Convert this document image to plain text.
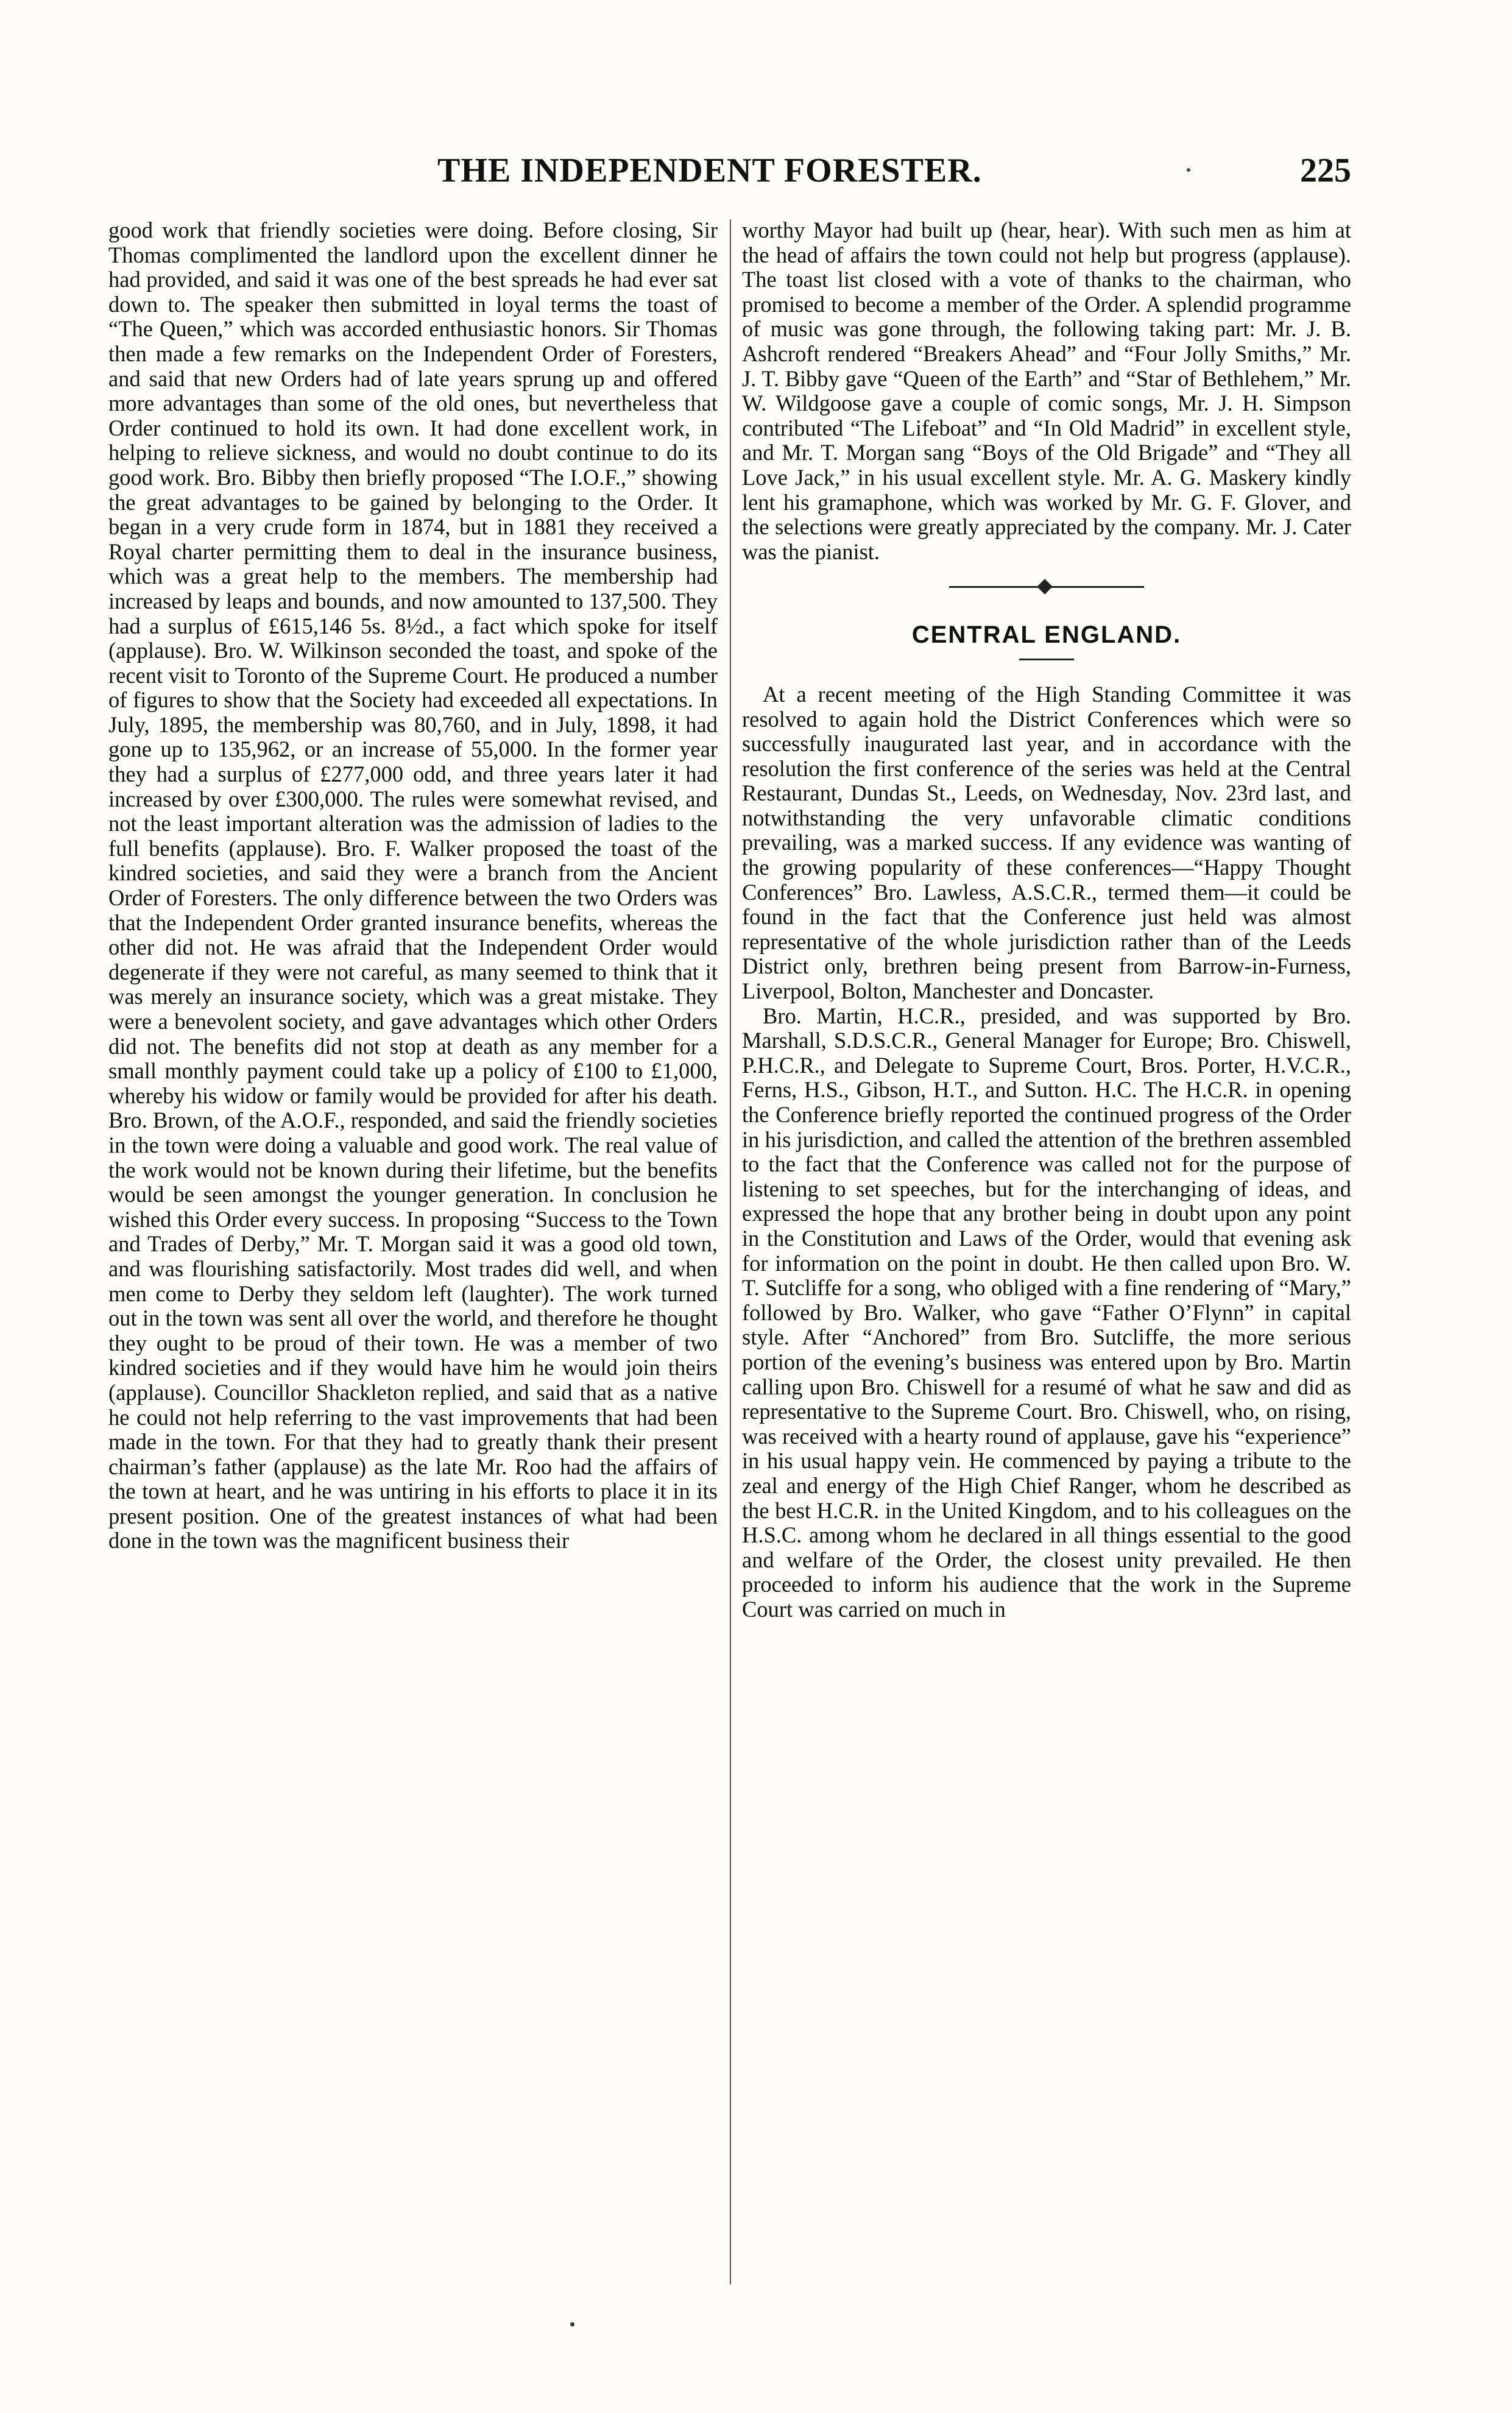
THE INDEPENDENT FORESTER.	225

good work that friendly societies were doing. Before closing, Sir Thomas complimented the landlord upon the excellent dinner he had provided, and said it was one of the best spreads he had ever sat down to. The speaker then submitted in loyal terms the toast of “The Queen,” which was accorded enthusiastic honors. Sir Thomas then made a few remarks on the Independent Order of Foresters, and said that new Orders had of late years sprung up and offered more advantages than some of the old ones, but nevertheless that Order continued to hold its own. It had done excellent work, in helping to relieve sickness, and would no doubt continue to do its good work. Bro. Bibby then briefly proposed “The I.O.F.,” showing the great advantages to be gained by belonging to the Order. It began in a very crude form in 1874, but in 1881 they received a Royal charter permitting them to deal in the insurance business, which was a great help to the members. The membership had increased by leaps and bounds, and now amounted to 137,500. They had a surplus of £615,146 5s. 8½d., a fact which spoke for itself (applause). Bro. W. Wilkinson seconded the toast, and spoke of the recent visit to Toronto of the Supreme Court. He produced a number of figures to show that the Society had exceeded all expectations. In July, 1895, the membership was 80,760, and in July, 1898, it had gone up to 135,962, or an increase of 55,000. In the former year they had a surplus of £277,000 odd, and three years later it had increased by over £300,000. The rules were somewhat revised, and not the least important alteration was the admission of ladies to the full benefits (applause). Bro. F. Walker proposed the toast of the kindred societies, and said they were a branch from the Ancient Order of Foresters. The only difference between the two Orders was that the Independent Order granted insurance benefits, whereas the other did not. He was afraid that the Independent Order would degenerate if they were not careful, as many seemed to think that it was merely an insurance society, which was a great mistake. They were a benevolent society, and gave advantages which other Orders did not. The benefits did not stop at death as any member for a small monthly payment could take up a policy of £100 to £1,000, whereby his widow or family would be provided for after his death. Bro. Brown, of the A.O.F., responded, and said the friendly societies in the town were doing a valuable and good work. The real value of the work would not be known during their lifetime, but the benefits would be seen amongst the younger generation. In conclusion he wished this Order every success. In proposing “Success to the Town and Trades of Derby,” Mr. T. Morgan said it was a good old town, and was flourishing satisfactorily. Most trades did well, and when men come to Derby they seldom left (laughter). The work turned out in the town was sent all over the world, and therefore he thought they ought to be proud of their town. He was a member of two kindred societies and if they would have him he would join theirs (applause). Councillor Shackleton replied, and said that as a native he could not help referring to the vast improvements that had been made in the town. For that they had to greatly thank their present chairman’s father (applause) as the late Mr. Roo had the affairs of the town at heart, and he was untiring in his efforts to place it in its present position. One of the greatest instances of what had been done in the town was the magnificent business their

worthy Mayor had built up (hear, hear). With such men as him at the head of affairs the town could not help but progress (applause). The toast list closed with a vote of thanks to the chairman, who promised to become a member of the Order. A splendid programme of music was gone through, the following taking part: Mr. J. B. Ashcroft rendered “Breakers Ahead” and “Four Jolly Smiths,” Mr. J. T. Bibby gave “Queen of the Earth” and “Star of Bethlehem,” Mr. W. Wildgoose gave a couple of comic songs, Mr. J. H. Simpson contributed “The Lifeboat” and “In Old Madrid” in excellent style, and Mr. T. Morgan sang “Boys of the Old Brigade” and “They all Love Jack,” in his usual excellent style. Mr. A. G. Maskery kindly lent his gramaphone, which was worked by Mr. G. F. Glover, and the selections were greatly appreciated by the company. Mr. J. Cater was the pianist.

CENTRAL ENGLAND.

At a recent meeting of the High Standing Committee it was resolved to again hold the District Conferences which were so successfully inaugurated last year, and in accordance with the resolution the first conference of the series was held at the Central Restaurant, Dundas St., Leeds, on Wednesday, Nov. 23rd last, and notwithstanding the very unfavorable climatic conditions prevailing, was a marked success. If any evidence was wanting of the growing popularity of these conferences—“Happy Thought Conferences” Bro. Lawless, A.S.C.R., termed them—it could be found in the fact that the Conference just held was almost representative of the whole jurisdiction rather than of the Leeds District only, brethren being present from Barrow-in-Furness, Liverpool, Bolton, Manchester and Doncaster.

Bro. Martin, H.C.R., presided, and was supported by Bro. Marshall, S.D.S.C.R., General Manager for Europe; Bro. Chiswell, P.H.C.R., and Delegate to Supreme Court, Bros. Porter, H.V.C.R., Ferns, H.S., Gibson, H.T., and Sutton. H.C. The H.C.R. in opening the Conference briefly reported the continued progress of the Order in his jurisdiction, and called the attention of the brethren assembled to the fact that the Conference was called not for the purpose of listening to set speeches, but for the interchanging of ideas, and expressed the hope that any brother being in doubt upon any point in the Constitution and Laws of the Order, would that evening ask for information on the point in doubt. He then called upon Bro. W. T. Sutcliffe for a song, who obliged with a fine rendering of “Mary,” followed by Bro. Walker, who gave “Father O’Flynn” in capital style. After “Anchored” from Bro. Sutcliffe, the more serious portion of the evening’s business was entered upon by Bro. Martin calling upon Bro. Chiswell for a resumé of what he saw and did as representative to the Supreme Court. Bro. Chiswell, who, on rising, was received with a hearty round of applause, gave his “experience” in his usual happy vein. He commenced by paying a tribute to the zeal and energy of the High Chief Ranger, whom he described as the best H.C.R. in the United Kingdom, and to his colleagues on the H.S.C. among whom he declared in all things essential to the good and welfare of the Order, the closest unity prevailed. He then proceeded to inform his audience that the work in the Supreme Court was carried on much in
